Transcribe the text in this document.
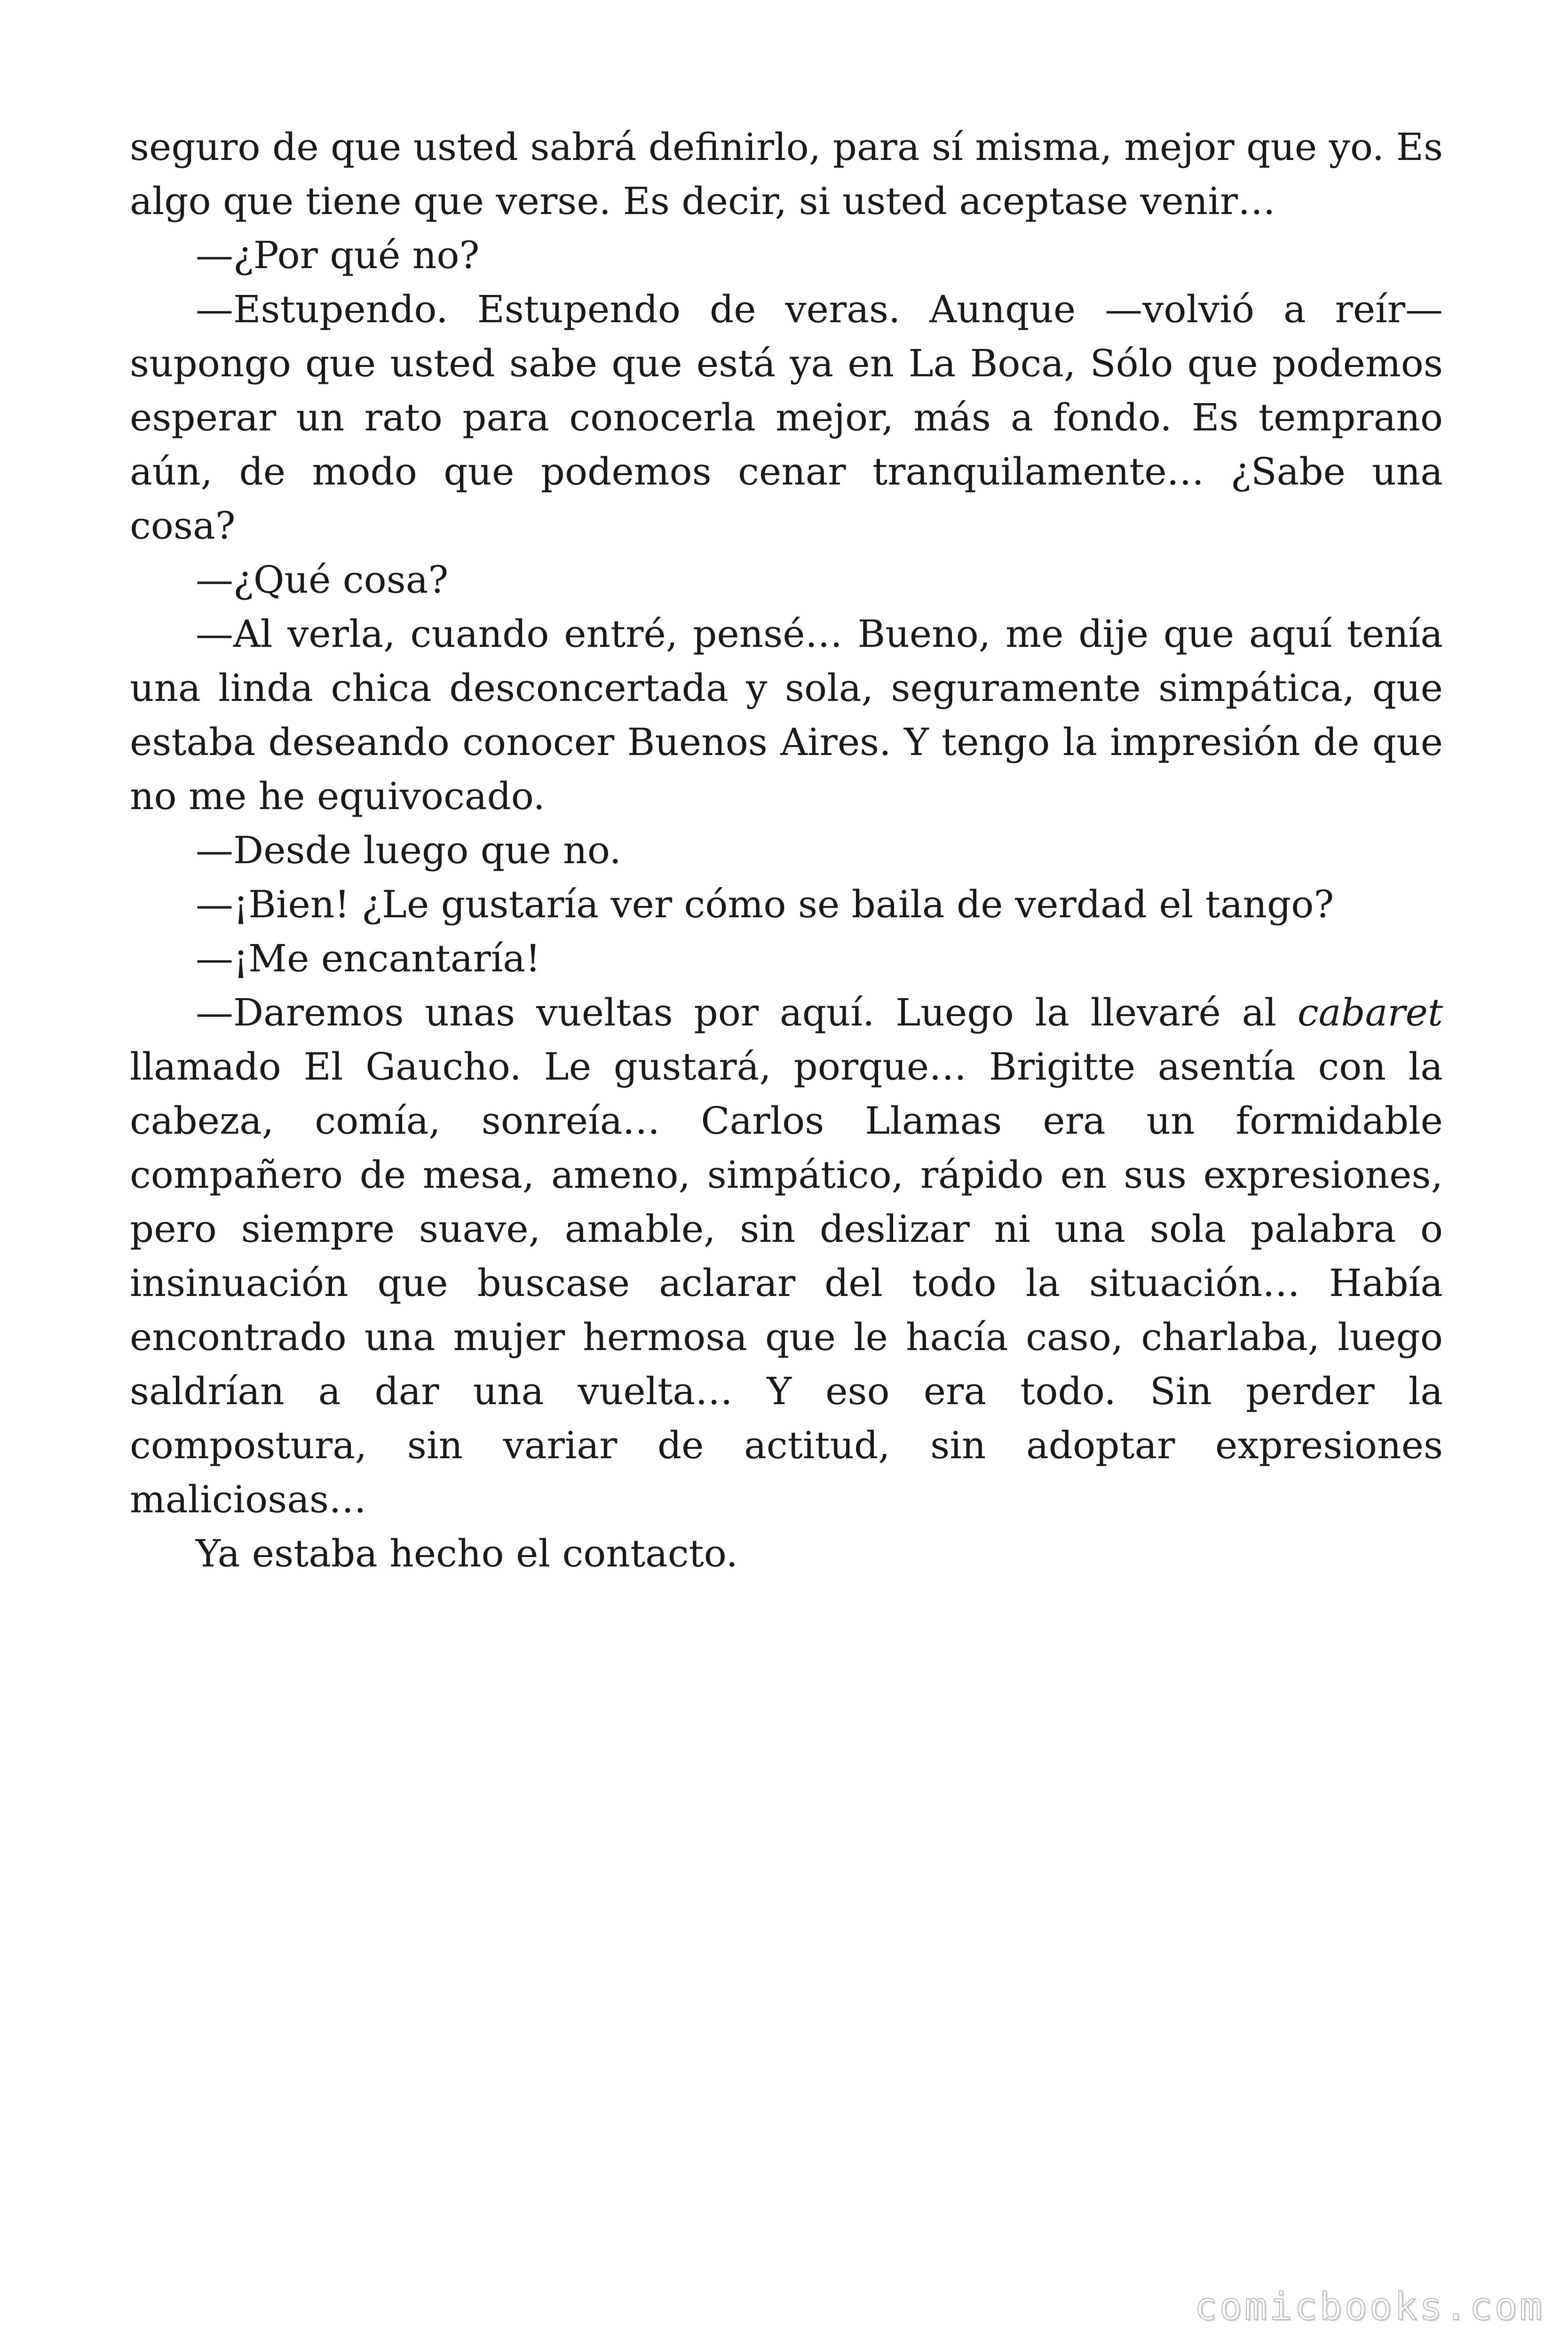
seguro de que usted sabrá definirlo, para sí misma, mejor que yo. Es algo que tiene que verse. Es decir, si usted aceptase venir…

—¿Por qué no?

—Estupendo. Estupendo de veras. Aunque —volvió a reír— supongo que usted sabe que está ya en La Boca, Sólo que podemos esperar un rato para conocerla mejor, más a fondo. Es temprano aún, de modo que podemos cenar tranquilamente… ¿Sabe una cosa?

—¿Qué cosa?

—Al verla, cuando entré, pensé… Bueno, me dije que aquí tenía una linda chica desconcertada y sola, seguramente simpática, que estaba deseando conocer Buenos Aires. Y tengo la impresión de que no me he equivocado.

—Desde luego que no.

—¡Bien! ¿Le gustaría ver cómo se baila de verdad el tango?

—¡Me encantaría!

—Daremos unas vueltas por aquí. Luego la llevaré al cabaret llamado El Gaucho. Le gustará, porque… Brigitte asentía con la cabeza, comía, sonreía… Carlos Llamas era un formidable compañero de mesa, ameno, simpático, rápido en sus expresiones, pero siempre suave, amable, sin deslizar ni una sola palabra o insinuación que buscase aclarar del todo la situación… Había encontrado una mujer hermosa que le hacía caso, charlaba, luego saldrían a dar una vuelta… Y eso era todo. Sin perder la compostura, sin variar de actitud, sin adoptar expresiones maliciosas…

Ya estaba hecho el contacto.

comicbooks.com
